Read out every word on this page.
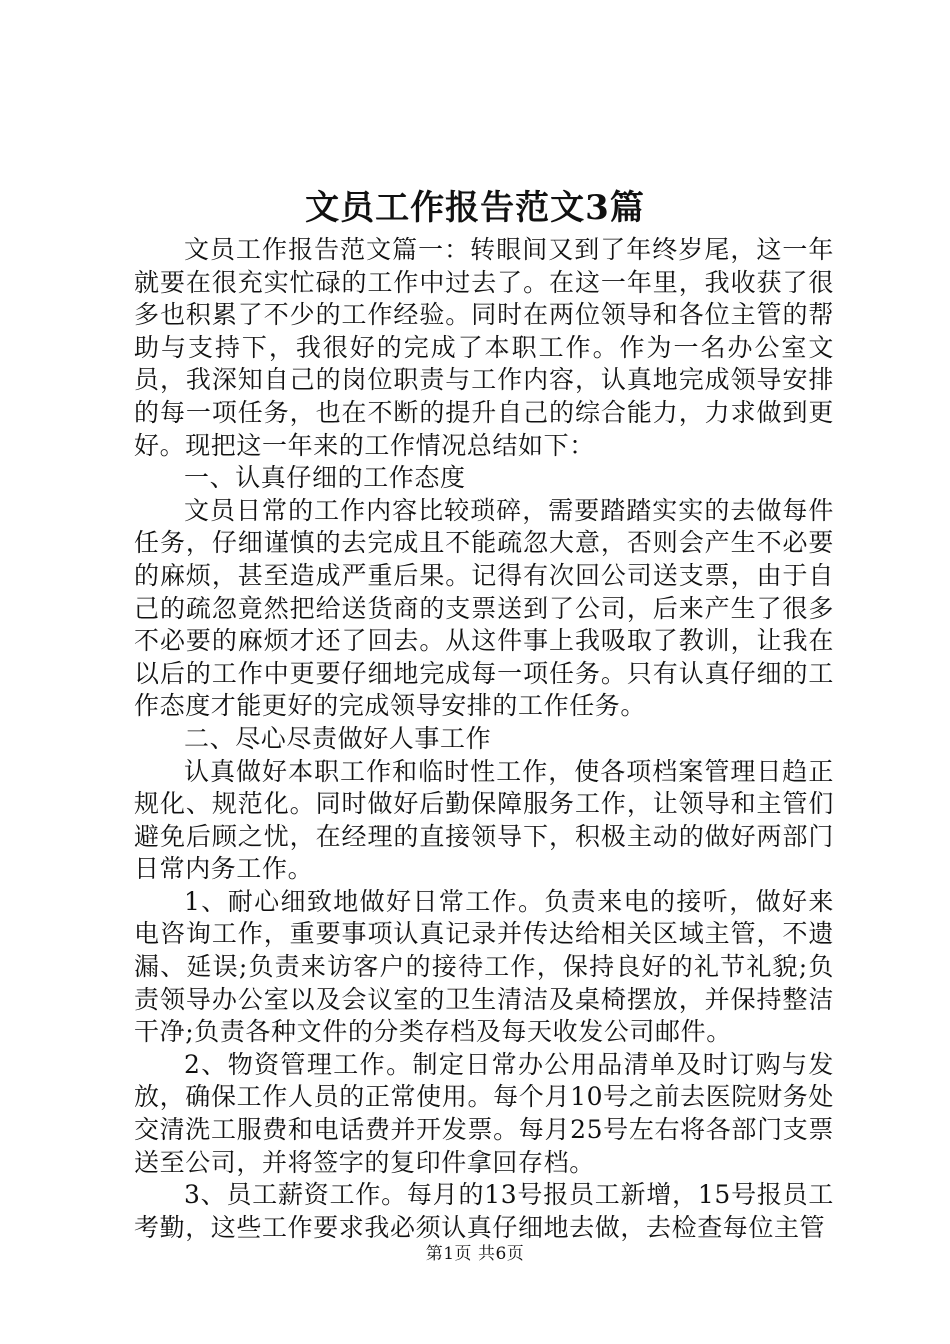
文员工作报告范文3篇

文员工作报告范文篇一：转眼间又到了年终岁尾，这一年就要在很充实忙碌的工作中过去了。在这一年里，我收获了很多也积累了不少的工作经验。同时在两位领导和各位主管的帮助与支持下，我很好的完成了本职工作。作为一名办公室文员，我深知自己的岗位职责与工作内容，认真地完成领导安排的每一项任务，也在不断的提升自己的综合能力，力求做到更好。现把这一年来的工作情况总结如下：

一、认真仔细的工作态度

文员日常的工作内容比较琐碎，需要踏踏实实的去做每件任务，仔细谨慎的去完成且不能疏忽大意，否则会产生不必要的麻烦，甚至造成严重后果。记得有次回公司送支票，由于自己的疏忽竟然把给送货商的支票送到了公司，后来产生了很多不必要的麻烦才还了回去。从这件事上我吸取了教训，让我在以后的工作中更要仔细地完成每一项任务。只有认真仔细的工作态度才能更好的完成领导安排的工作任务。

二、尽心尽责做好人事工作

认真做好本职工作和临时性工作，使各项档案管理日趋正规化、规范化。同时做好后勤保障服务工作，让领导和主管们避免后顾之忧，在经理的直接领导下，积极主动的做好两部门日常内务工作。

1、耐心细致地做好日常工作。负责来电的接听，做好来电咨询工作，重要事项认真记录并传达给相关区域主管，不遗漏、延误;负责来访客户的接待工作，保持良好的礼节礼貌;负责领导办公室以及会议室的卫生清洁及桌椅摆放，并保持整洁干净;负责各种文件的分类存档及每天收发公司邮件。

2、物资管理工作。制定日常办公用品清单及时订购与发放，确保工作人员的正常使用。每个月10号之前去医院财务处交清洗工服费和电话费并开发票。每月25号左右将各部门支票送至公司，并将签字的复印件拿回存档。

3、员工薪资工作。每月的13号报员工新增，15号报员工考勤，这些工作要求我必须认真仔细地去做，去检查每位主管

第1页 共6页
